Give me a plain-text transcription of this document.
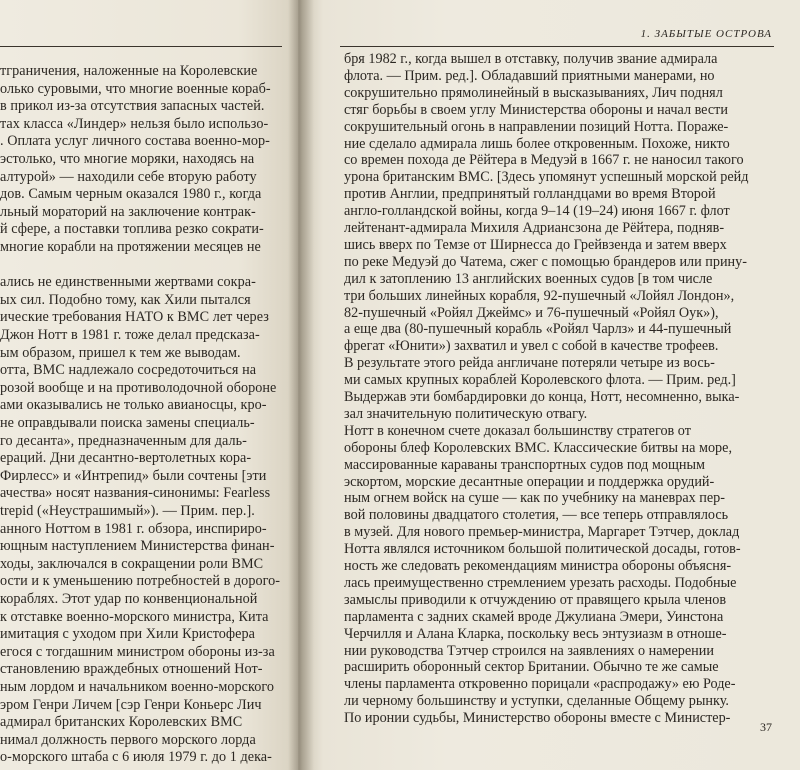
1. ЗАБЫТЫЕ ОСТРОВА
тграничения, наложенные на Королевские
олько суровыми, что многие военные кораб-
в прикол из-за отсутствия запасных частей.
тах класса «Линдер» нельзя было использо-
. Оплата услуг личного состава военно-мор-
эстолько, что многие моряки, находясь на
алтурой» — находили себе вторую работу
дов. Самым черным оказался 1980 г., когда
льный мораторий на заключение контрак-
й сфере, а поставки топлива резко сократи-
многие корабли на протяжении месяцев не
ались не единственными жертвами сокра-
ых сил. Подобно тому, как Хили пытался
ические требования НАТО к ВМС лет через
Джон Нотт в 1981 г. тоже делал предсказа-
ым образом, пришел к тем же выводам.
отта, ВМС надлежало сосредоточиться на
розой вообще и на противолодочной обороне
ами оказывались не только авианосцы, кро-
не оправдывали поиска замены специаль-
го десанта», предназначенным для даль-
ераций. Дни десантно-вертолетных кора-
Фирлесс» и «Интрепид» были сочтены [эти
ачества» носят названия-синонимы: Fearless
trepid («Неустрашимый»). — Прим. пер.].
анного Ноттом в 1981 г. обзора, инспириро-
ющным наступлением Министерства финан-
ходы, заключался в сокращении роли ВМС
ости и к уменьшению потребностей в дорого-
кораблях. Этот удар по конвенциональной
к отставке военно-морского министра, Кита
имитация с уходом при Хили Кристофера
егося с тогдашним министром обороны из-за
становлению враждебных отношений Нот-
ным лордом и начальником военно-морского
эром Генри Личем [сэр Генри Коньерс Лич
адмирал британских Королевских ВМС
нимал должность первого морского лорда
о-морского штаба с 6 июля 1979 г. до 1 дека-
бря 1982 г., когда вышел в отставку, получив звание адмирала
флота. — Прим. ред.]. Обладавший приятными манерами, но
сокрушительно прямолинейный в высказываниях, Лич поднял
стяг борьбы в своем углу Министерства обороны и начал вести
сокрушительный огонь в направлении позиций Нотта. Пораже-
ние сделало адмирала лишь более откровенным. Похоже, никто
со времен похода де Рёйтера в Медуэй в 1667 г. не наносил такого
урона британским ВМС. [Здесь упомянут успешный морской рейд
против Англии, предпринятый голландцами во время Второй
англо-голландской войны, когда 9–14 (19–24) июня 1667 г. флот
лейтенант-адмирала Михиля Адриансзона де Рёйтера, подняв-
шись вверх по Темзе от Ширнесса до Грейвзенда и затем вверх
по реке Медуэй до Чатема, сжег с помощью брандеров или прину-
дил к затоплению 13 английских военных судов [в том числе
три больших линейных корабля, 92-пушечный «Лойял Лондон»,
82-пушечный «Ройял Джеймс» и 76-пушечный «Ройял Оук»),
а еще два (80-пушечный корабль «Ройял Чарлз» и 44-пушечный
фрегат «Юнити») захватил и увел с собой в качестве трофеев.
В результате этого рейда англичане потеряли четыре из вось-
ми самых крупных кораблей Королевского флота. — Прим. ред.]
Выдержав эти бомбардировки до конца, Нотт, несомненно, выка-
зал значительную политическую отвагу.
Нотт в конечном счете доказал большинству стратегов от
обороны блеф Королевских ВМС. Классические битвы на море,
массированные караваны транспортных судов под мощным
эскортом, морские десантные операции и поддержка орудий-
ным огнем войск на суше — как по учебнику на маневрах пер-
вой половины двадцатого столетия, — все теперь отправлялось
в музей. Для нового премьер-министра, Маргарет Тэтчер, доклад
Нотта являлся источником большой политической досады, готов-
ность же следовать рекомендациям министра обороны объясня-
лась преимущественно стремлением урезать расходы. Подобные
замыслы приводили к отчуждению от правящего крыла членов
парламента с задних скамей вроде Джулиана Эмери, Уинстона
Черчилля и Алана Кларка, поскольку весь энтузиазм в отноше-
нии руководства Тэтчер строился на заявлениях о намерении
расширить оборонный сектор Британии. Обычно те же самые
члены парламента откровенно порицали «распродажу» ею Роде-
ли черному большинству и уступки, сделанные Общему рынку.
По иронии судьбы, Министерство обороны вместе с Министер-
37
